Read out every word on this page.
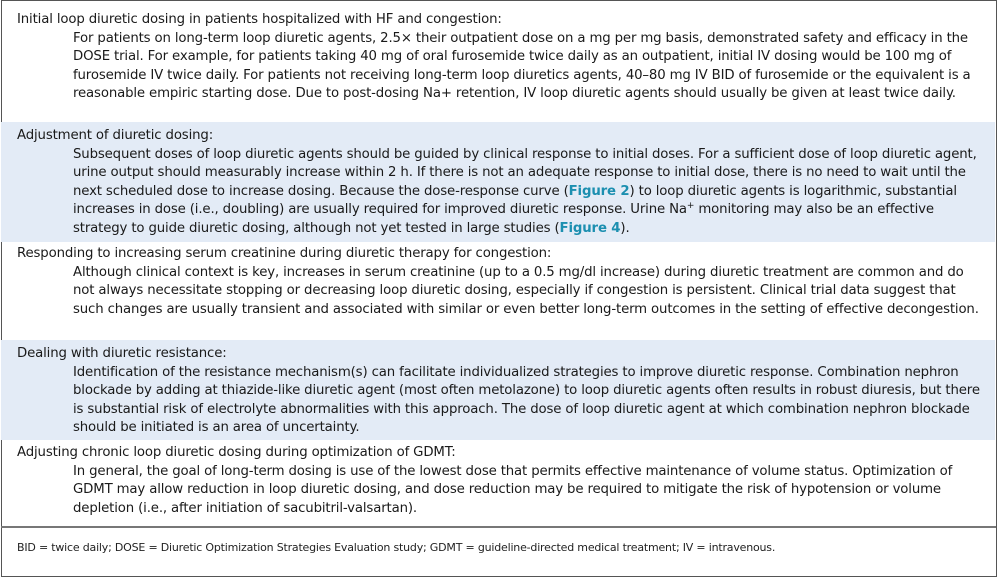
Initial loop diuretic dosing in patients hospitalized with HF and congestion:
For patients on long-term loop diuretic agents, 2.5× their outpatient dose on a mg per mg basis, demonstrated safety and efficacy in the DOSE trial. For example, for patients taking 40 mg of oral furosemide twice daily as an outpatient, initial IV dosing would be 100 mg of furosemide IV twice daily. For patients not receiving long-term loop diuretics agents, 40–80 mg IV BID of furosemide or the equivalent is a reasonable empiric starting dose. Due to post-dosing Na+ retention, IV loop diuretic agents should usually be given at least twice daily.
Adjustment of diuretic dosing:
Subsequent doses of loop diuretic agents should be guided by clinical response to initial doses. For a sufficient dose of loop diuretic agent, urine output should measurably increase within 2 h. If there is not an adequate response to initial dose, there is no need to wait until the next scheduled dose to increase dosing. Because the dose-response curve (Figure 2) to loop diuretic agents is logarithmic, substantial increases in dose (i.e., doubling) are usually required for improved diuretic response. Urine Na+ monitoring may also be an effective strategy to guide diuretic dosing, although not yet tested in large studies (Figure 4).
Responding to increasing serum creatinine during diuretic therapy for congestion:
Although clinical context is key, increases in serum creatinine (up to a 0.5 mg/dl increase) during diuretic treatment are common and do not always necessitate stopping or decreasing loop diuretic dosing, especially if congestion is persistent. Clinical trial data suggest that such changes are usually transient and associated with similar or even better long-term outcomes in the setting of effective decongestion.
Dealing with diuretic resistance:
Identification of the resistance mechanism(s) can facilitate individualized strategies to improve diuretic response. Combination nephron blockade by adding at thiazide-like diuretic agent (most often metolazone) to loop diuretic agents often results in robust diuresis, but there is substantial risk of electrolyte abnormalities with this approach. The dose of loop diuretic agent at which combination nephron blockade should be initiated is an area of uncertainty.
Adjusting chronic loop diuretic dosing during optimization of GDMT:
In general, the goal of long-term dosing is use of the lowest dose that permits effective maintenance of volume status. Optimization of GDMT may allow reduction in loop diuretic dosing, and dose reduction may be required to mitigate the risk of hypotension or volume depletion (i.e., after initiation of sacubitril-valsartan).
BID = twice daily; DOSE = Diuretic Optimization Strategies Evaluation study; GDMT = guideline-directed medical treatment; IV = intravenous.
